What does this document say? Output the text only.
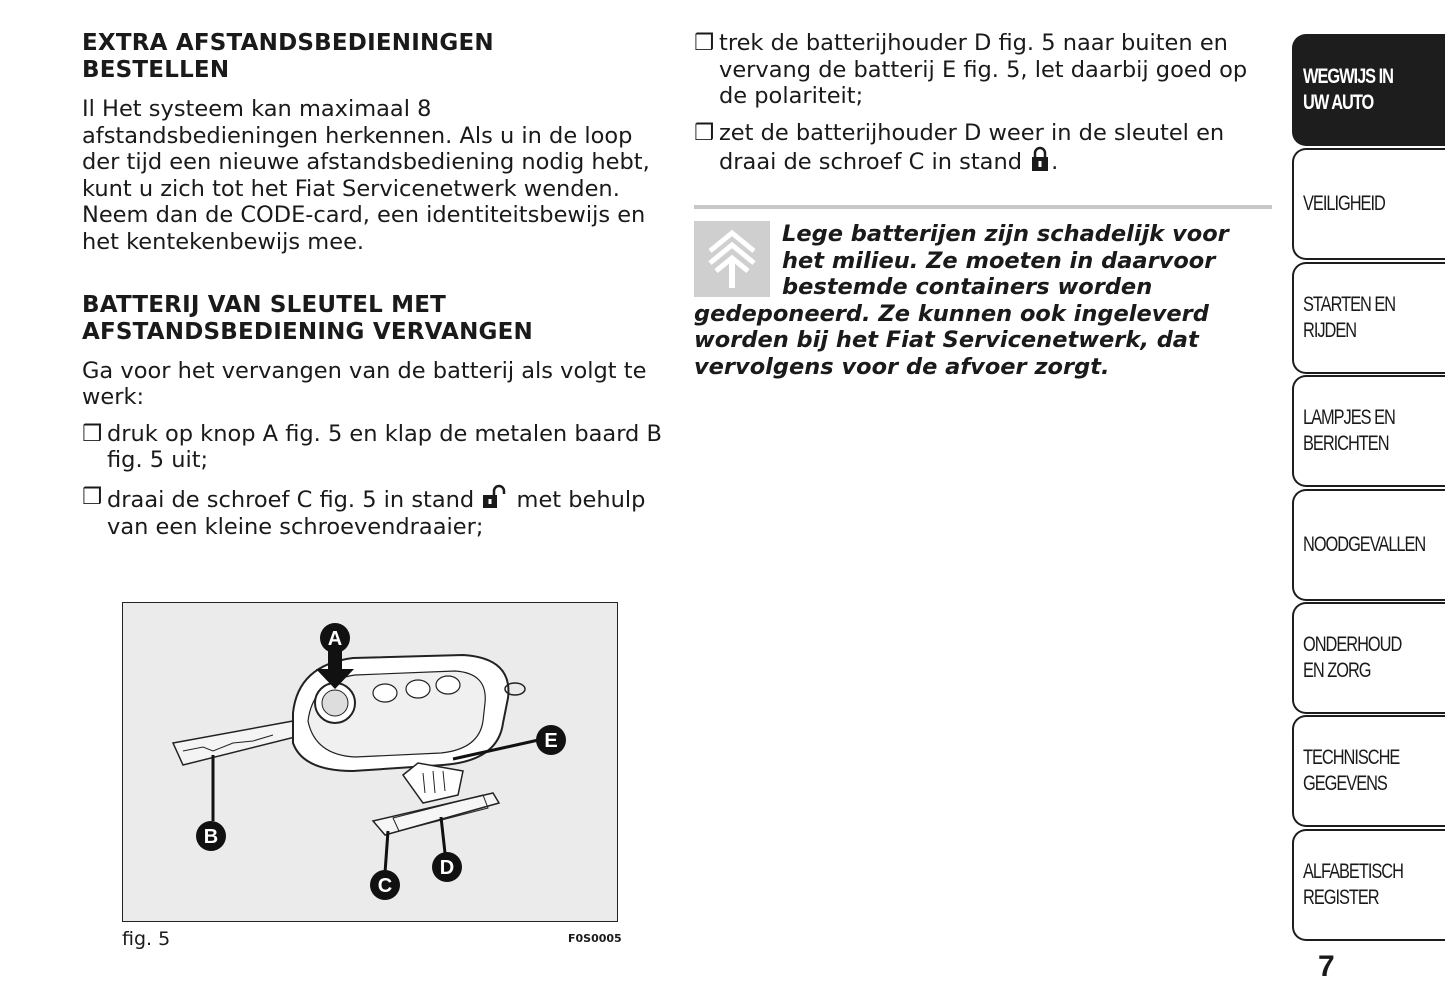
EXTRA AFSTANDSBEDIENINGEN
BESTELLEN

Il Het systeem kan maximaal 8 afstandsbedieningen herkennen. Als u in de loop der tijd een nieuwe afstandsbediening nodig hebt, kunt u zich tot het Fiat Servicenetwerk wenden. Neem dan de CODE-card, een identiteitsbewijs en het kentekenbewijs mee.

BATTERIJ VAN SLEUTEL MET
AFSTANDSBEDIENING VERVANGEN

Ga voor het vervangen van de batterij als volgt te werk:

❒ druk op knop A fig. 5 en klap de metalen baard B fig. 5 uit;

❒ draai de schroef C fig. 5 in stand met behulp van een kleine schroevendraaier;

❒ trek de batterijhouder D fig. 5 naar buiten en vervang de batterij E fig. 5, let daarbij goed op de polariteit;

❒ zet de batterijhouder D weer in de sleutel en draai de schroef C in stand .

Lege batterijen zijn schadelijk voor het milieu. Ze moeten in daarvoor bestemde containers worden gedeponeerd. Ze kunnen ook ingeleverd worden bij het Fiat Servicenetwerk, dat vervolgens voor de afvoer zorgt.

A
B
C
D
E
fig. 5	F0S0005
WEGWIJS IN UW AUTO
VEILIGHEID
STARTEN EN RIJDEN
LAMPJES EN BERICHTEN
NOODGEVALLEN
ONDERHOUD EN ZORG
TECHNISCHE GEGEVENS
ALFABETISCH REGISTER
7
